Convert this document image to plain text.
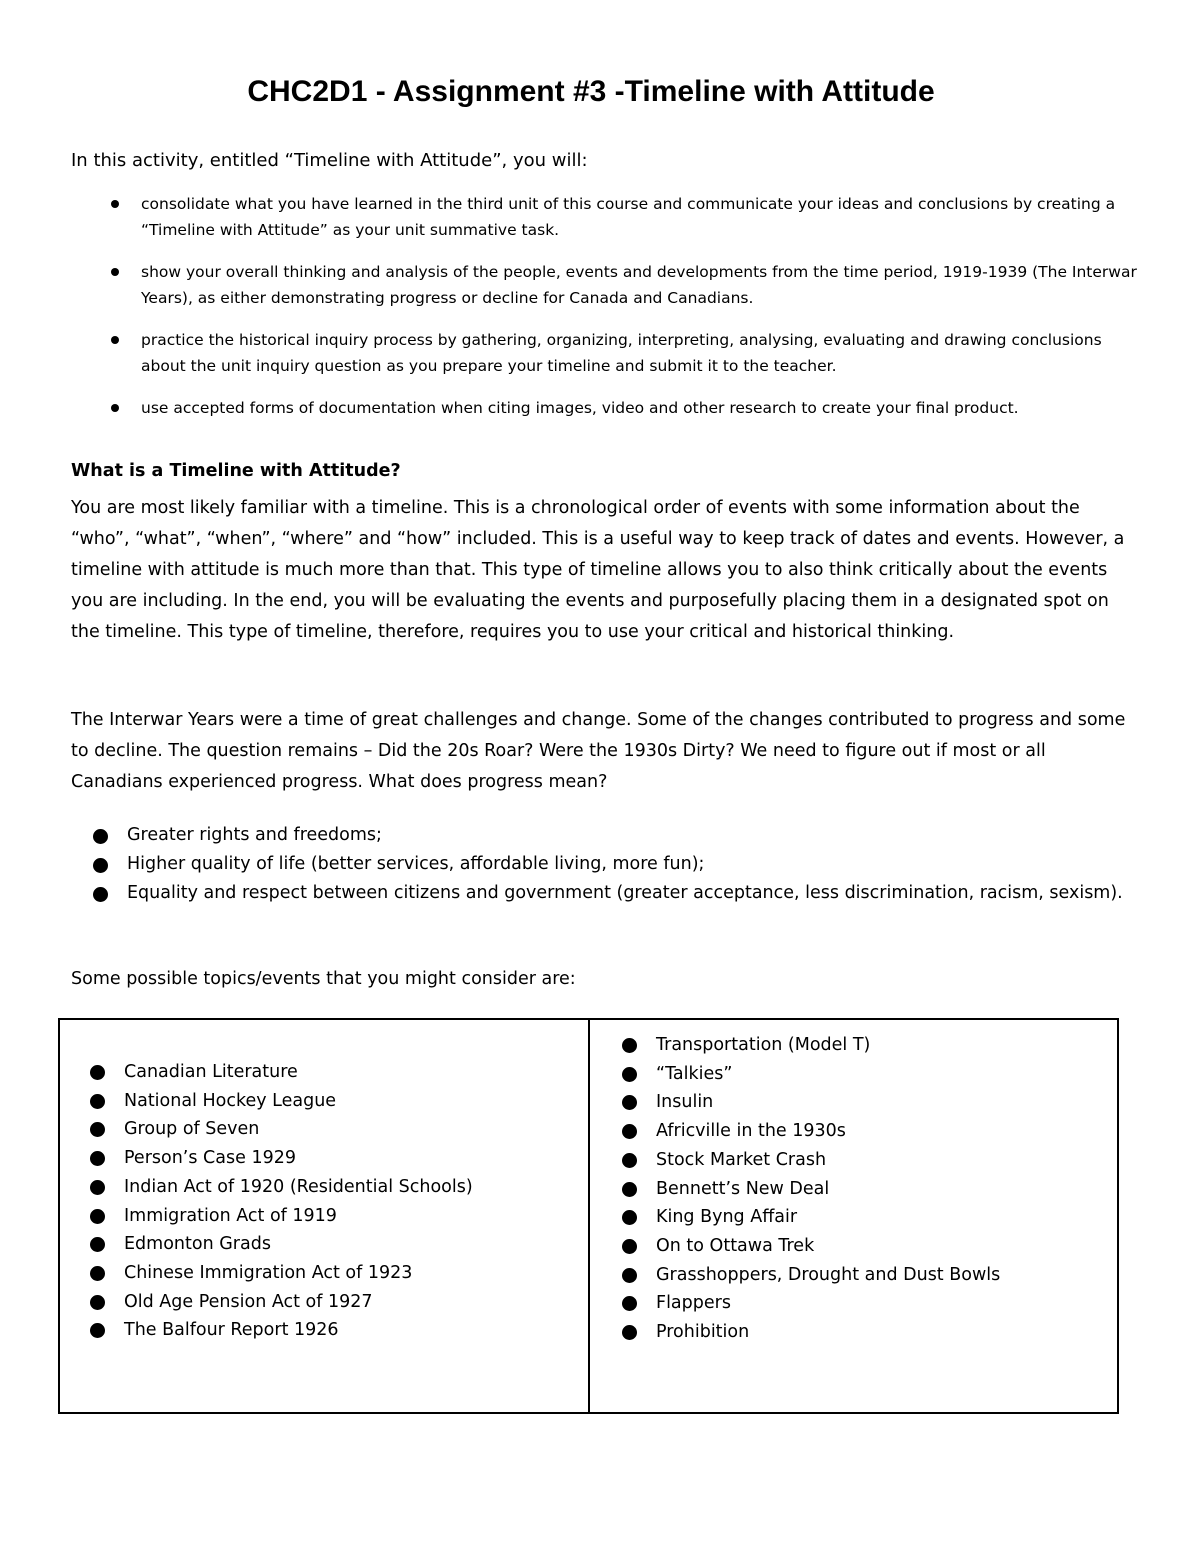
CHC2D1 - Assignment #3 -Timeline with Attitude
In this activity, entitled “Timeline with Attitude”, you will:
consolidate what you have learned in the third unit of this course and communicate your ideas and conclusions by creating a “Timeline with Attitude” as your unit summative task.
show your overall thinking and analysis of the people, events and developments from the time period, 1919-1939 (The Interwar Years), as either demonstrating progress or decline for Canada and Canadians.
practice the historical inquiry process by gathering, organizing, interpreting, analysing, evaluating and drawing conclusions about the unit inquiry question as you prepare your timeline and submit it to the teacher.
use accepted forms of documentation when citing images, video and other research to create your final product.
What is a Timeline with Attitude?

You are most likely familiar with a timeline. This is a chronological order of events with some information about the “who”, “what”, “when”, “where” and “how” included. This is a useful way to keep track of dates and events. However, a timeline with attitude is much more than that. This type of timeline allows you to also think critically about the events you are including. In the end, you will be evaluating the events and purposefully placing them in a designated spot on the timeline. This type of timeline, therefore, requires you to use your critical and historical thinking.

The Interwar Years were a time of great challenges and change. Some of the changes contributed to progress and some to decline. The question remains – Did the 20s Roar? Were the 1930s Dirty? We need to figure out if most or all Canadians experienced progress. What does progress mean?

Greater rights and freedoms;
Higher quality of life (better services, affordable living, more fun);
Equality and respect between citizens and government (greater acceptance, less discrimination, racism, sexism).
Some possible topics/events that you might consider are:
Canadian Literature
National Hockey League
Group of Seven
Person’s Case 1929
Indian Act of 1920 (Residential Schools)
Immigration Act of 1919
Edmonton Grads
Chinese Immigration Act of 1923
Old Age Pension Act of 1927
The Balfour Report 1926
Transportation (Model T)
“Talkies”
Insulin
Africville in the 1930s
Stock Market Crash
Bennett’s New Deal
King Byng Affair
On to Ottawa Trek
Grasshoppers, Drought and Dust Bowls
Flappers
Prohibition
